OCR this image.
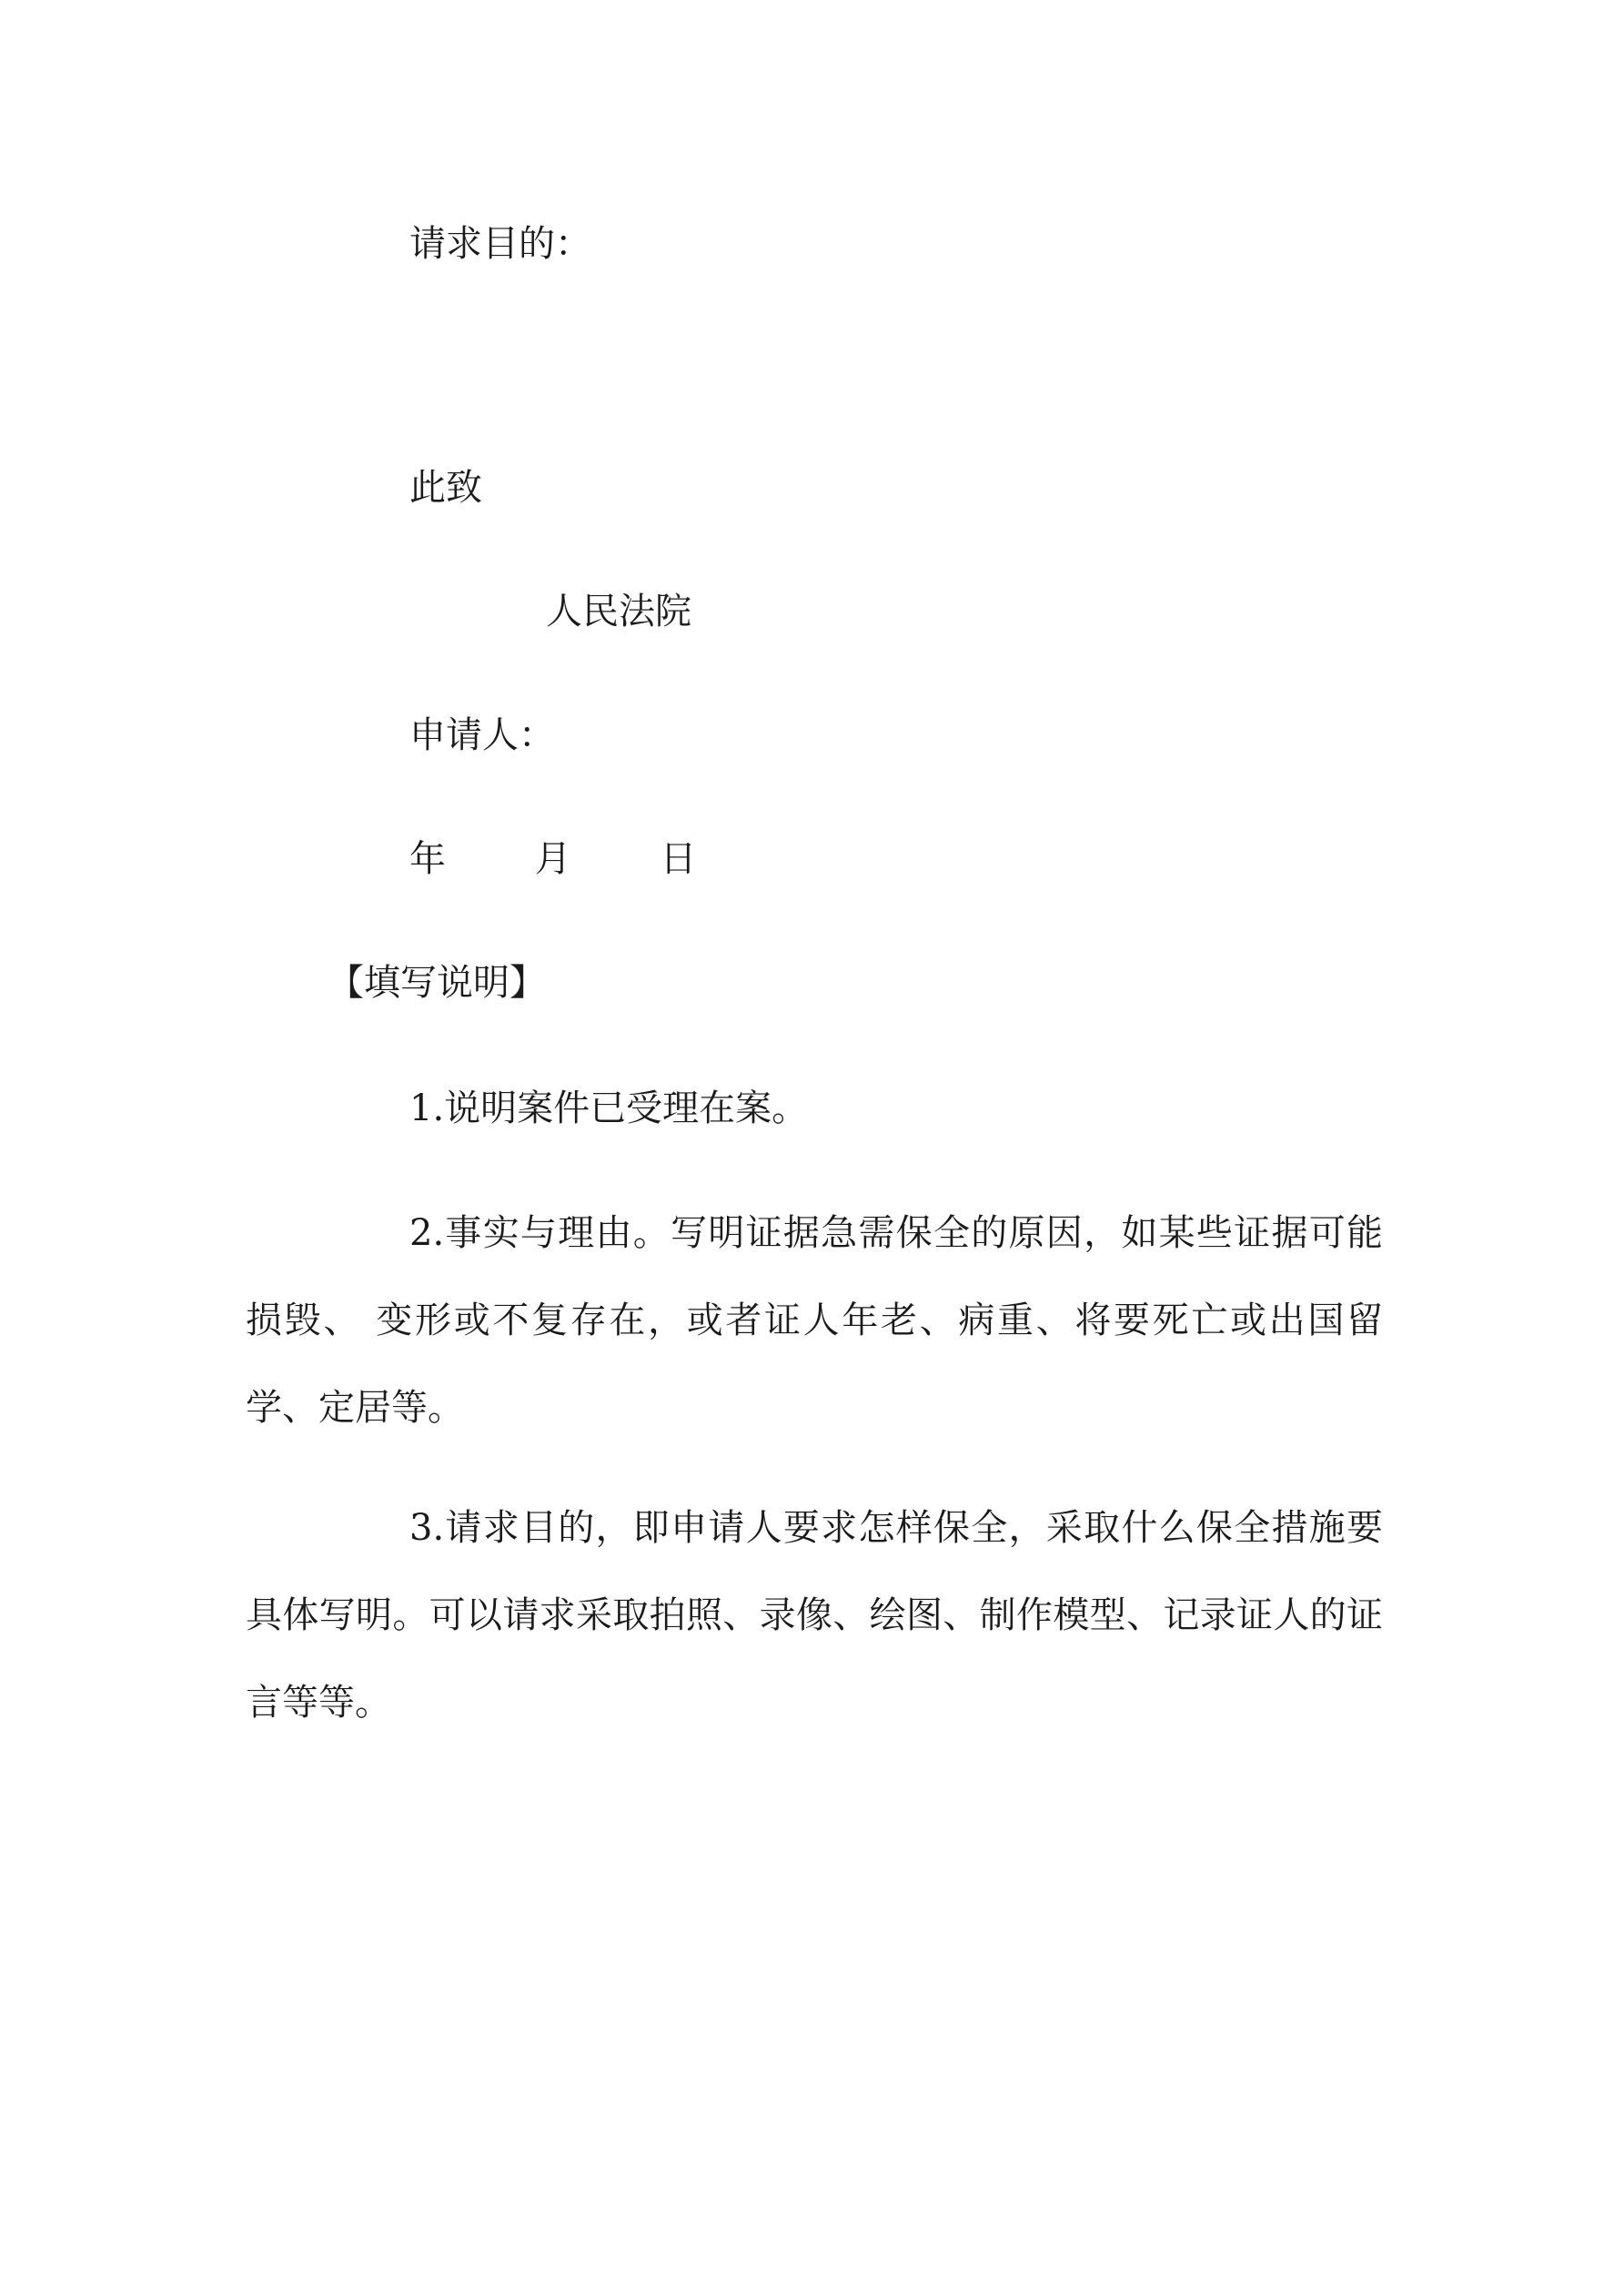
请求目的：

此致

人民法院

申请人：

年 月 日

【填写说明】

1.说明案件已受理在案。

2.事实与理由。写明证据急需保全的原因，如某些证据可能损毁、 变形或不复存在，或者证人年老、病重、将要死亡或出国留学、定居等。

3.请求目的，即申请人要求怎样保全，采取什么保全措施要具体写明。可以请求采取拍照、录像、绘图、制作模型、记录证人的证言等等。
